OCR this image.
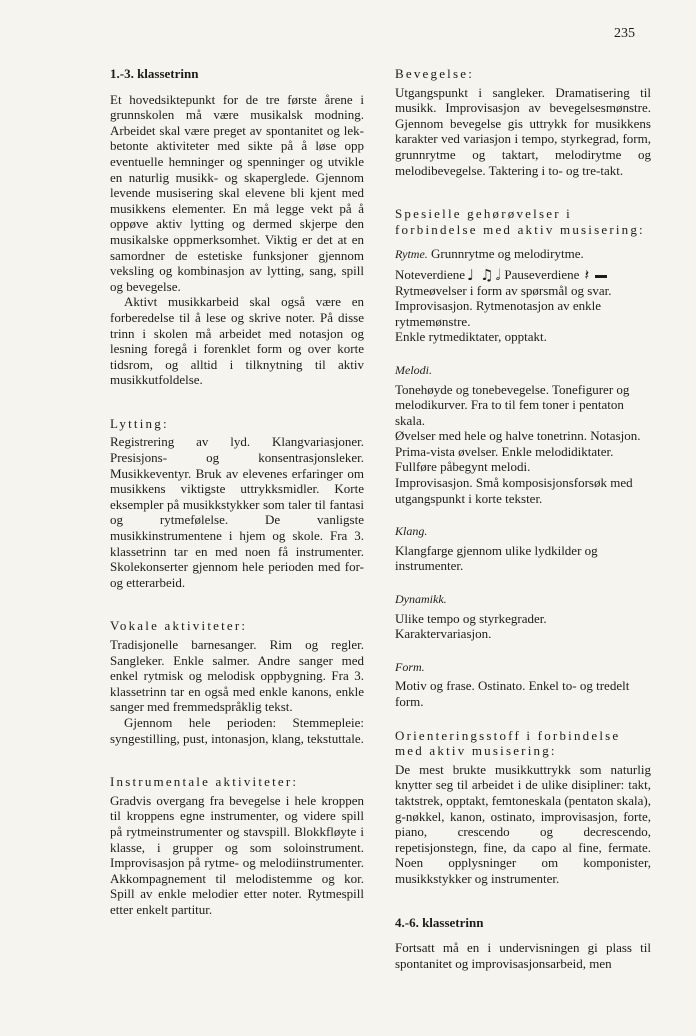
235
1.-3. klassetrinn

Et hovedsiktepunkt for de tre første årene i grunnskolen må være musikalsk modning. Arbeidet skal være preget av spontanitet og lek-betonte aktiviteter med sikte på å løse opp eventuelle hemninger og spenninger og utvikle en naturlig musikk- og skaperglede. Gjennom levende musisering skal elevene bli kjent med musikkens elementer. En må legge vekt på å oppøve aktiv lytting og dermed skjerpe den musikalske oppmerksomhet. Viktig er det at en samordner de estetiske funksjoner gjennom veksling og kombinasjon av lytting, sang, spill og bevegelse.

Aktivt musikkarbeid skal også være en forberedelse til å lese og skrive noter. På disse trinn i skolen må arbeidet med notasjon og lesning foregå i forenklet form og over korte tidsrom, og alltid i tilknytning til aktiv musikkutfoldelse.

Lytting:

Registrering av lyd. Klangvariasjoner. Presisjons- og konsentrasjonsleker. Musikkeventyr. Bruk av elevenes erfaringer om musikkens viktigste uttrykksmidler. Korte eksempler på musikkstykker som taler til fantasi og rytmefølelse. De vanligste musikkinstrumentene i hjem og skole. Fra 3. klassetrinn tar en med noen få instrumenter. Skolekonserter gjennom hele perioden med for- og etterarbeid.

Vokale aktiviteter:

Tradisjonelle barnesanger. Rim og regler. Sangleker. Enkle salmer. Andre sanger med enkel rytmisk og melodisk oppbygning. Fra 3. klassetrinn tar en også med enkle kanons, enkle sanger med fremmedspråklig tekst.

Gjennom hele perioden: Stemmepleie: syngestilling, pust, intonasjon, klang, tekstuttale.

Instrumentale aktiviteter:

Gradvis overgang fra bevegelse i hele kroppen til kroppens egne instrumenter, og videre spill på rytmeinstrumenter og stavspill. Blokkfløyte i klasse, i grupper og som soloinstrument. Improvisasjon på rytme- og melodiinstrumenter. Akkompagnement til melodistemme og kor. Spill av enkle melodier etter noter. Rytmespill etter enkelt partitur.

Bevegelse:

Utgangspunkt i sangleker. Dramatisering til musikk. Improvisasjon av bevegelsesmønstre. Gjennom bevegelse gis uttrykk for musikkens karakter ved variasjon i tempo, styrkegrad, form, grunnrytme og taktart, melodirytme og melodibevegelse. Taktering i to- og tre-takt.

Spesielle gehørøvelser i forbindelse med aktiv musisering:
Rytme. Grunnrytme og melodirytme.
Noteverdiene ♩ ♫ 𝅗𝅥 Pauseverdiene 𝄽
Rytmeøvelser i form av spørsmål og svar.
Improvisasjon. Rytmenotasjon av enkle rytmemønstre.
Enkle rytmediktater, opptakt.
Melodi.
Tonehøyde og tonebevegelse. Tonefigurer og melodikurver. Fra to til fem toner i pentaton skala.
Øvelser med hele og halve tonetrinn. Notasjon.
Prima-vista øvelser. Enkle melodidiktater.
Fullføre påbegynt melodi.
Improvisasjon. Små komposisjonsforsøk med utgangspunkt i korte tekster.
Klang.
Klangfarge gjennom ulike lydkilder og instrumenter.
Dynamikk.
Ulike tempo og styrkegrader.
Karaktervariasjon.
Form.
Motiv og frase. Ostinato. Enkel to- og tredelt form.
Orienteringsstoff i forbindelse med aktiv musisering:

De mest brukte musikkuttrykk som naturlig knytter seg til arbeidet i de ulike disipliner: takt, taktstrek, opptakt, femtoneskala (pentaton skala), g-nøkkel, kanon, ostinato, improvisasjon, forte, piano, crescendo og decrescendo, repetisjonstegn, fine, da capo al fine, fermate. Noen opplysninger om komponister, musikkstykker og instrumenter.

4.-6. klassetrinn

Fortsatt må en i undervisningen gi plass til spontanitet og improvisasjonsarbeid, men
